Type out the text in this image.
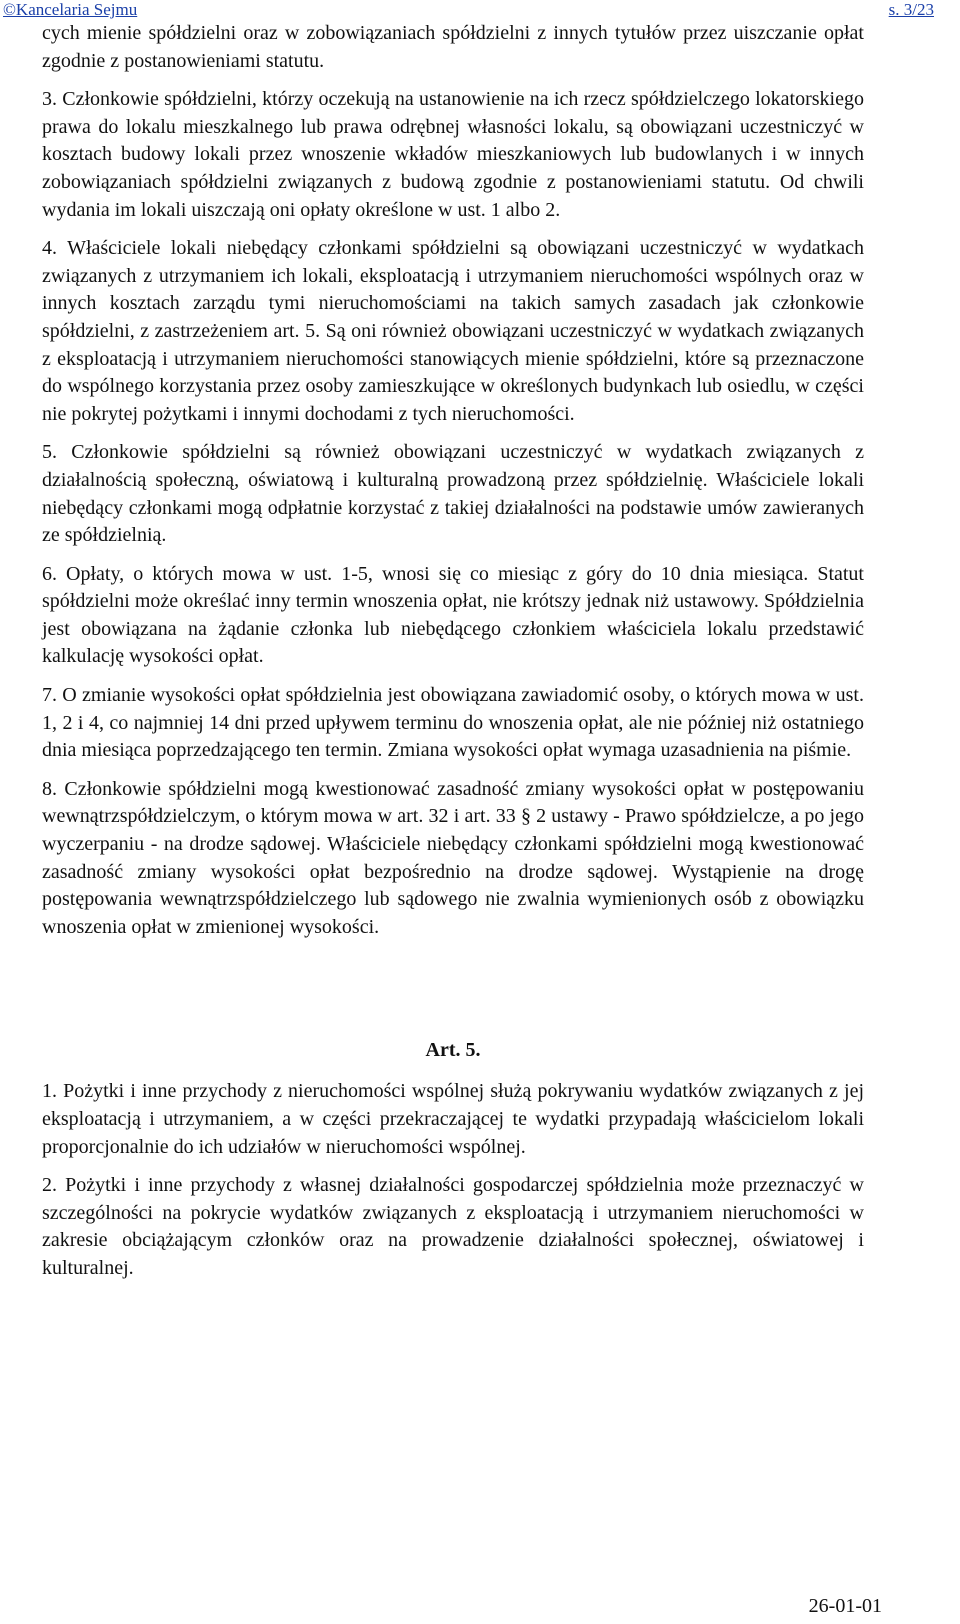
©Kancelaria Sejmu	s. 3/23

cych mienie spółdzielni oraz w zobowiązaniach spółdzielni z innych tytułów przez uiszczanie opłat zgodnie z postanowieniami statutu.

3. Członkowie spółdzielni, którzy oczekują na ustanowienie na ich rzecz spółdzielczego lokatorskiego prawa do lokalu mieszkalnego lub prawa odrębnej własności lokalu, są obowiązani uczestniczyć w kosztach budowy lokali przez wnoszenie wkładów mieszkaniowych lub budowlanych i w innych zobowiązaniach spółdzielni związanych z budową zgodnie z postanowieniami statutu. Od chwili wydania im lokali uiszczają oni opłaty określone w ust. 1 albo 2.

4. Właściciele lokali niebędący członkami spółdzielni są obowiązani uczestniczyć w wydatkach związanych z utrzymaniem ich lokali, eksploatacją i utrzymaniem nieruchomości wspólnych oraz w innych kosztach zarządu tymi nieruchomościami na takich samych zasadach jak członkowie spółdzielni, z zastrzeżeniem art. 5. Są oni również obowiązani uczestniczyć w wydatkach związanych z eksploatacją i utrzymaniem nieruchomości stanowiących mienie spółdzielni, które są przeznaczone do wspólnego korzystania przez osoby zamieszkujące w określonych budynkach lub osiedlu, w części nie pokrytej pożytkami i innymi dochodami z tych nieruchomości.

5. Członkowie spółdzielni są również obowiązani uczestniczyć w wydatkach związanych z działalnością społeczną, oświatową i kulturalną prowadzoną przez spółdzielnię. Właściciele lokali niebędący członkami mogą odpłatnie korzystać z takiej działalności na podstawie umów zawieranych ze spółdzielnią.

6. Opłaty, o których mowa w ust. 1-5, wnosi się co miesiąc z góry do 10 dnia miesiąca. Statut spółdzielni może określać inny termin wnoszenia opłat, nie krótszy jednak niż ustawowy. Spółdzielnia jest obowiązana na żądanie członka lub niebędącego członkiem właściciela lokalu przedstawić kalkulację wysokości opłat.

7. O zmianie wysokości opłat spółdzielnia jest obowiązana zawiadomić osoby, o których mowa w ust. 1, 2 i 4, co najmniej 14 dni przed upływem terminu do wnoszenia opłat, ale nie później niż ostatniego dnia miesiąca poprzedzającego ten termin. Zmiana wysokości opłat wymaga uzasadnienia na piśmie.

8. Członkowie spółdzielni mogą kwestionować zasadność zmiany wysokości opłat w postępowaniu wewnątrzspółdzielczym, o którym mowa w art. 32 i art. 33 § 2 ustawy - Prawo spółdzielcze, a po jego wyczerpaniu - na drodze sądowej. Właściciele niebędący członkami spółdzielni mogą kwestionować zasadność zmiany wysokości opłat bezpośrednio na drodze sądowej. Wystąpienie na drogę postępowania wewnątrzspółdzielczego lub sądowego nie zwalnia wymienionych osób z obowiązku wnoszenia opłat w zmienionej wysokości.

Art. 5.

1. Pożytki i inne przychody z nieruchomości wspólnej służą pokrywaniu wydatków związanych z jej eksploatacją i utrzymaniem, a w części przekraczającej te wydatki przypadają właścicielom lokali proporcjonalnie do ich udziałów w nieruchomości wspólnej.

2. Pożytki i inne przychody z własnej działalności gospodarczej spółdzielnia może przeznaczyć w szczególności na pokrycie wydatków związanych z eksploatacją i utrzymaniem nieruchomości w zakresie obciążającym członków oraz na prowadzenie działalności społecznej, oświatowej i kulturalnej.

26-01-01
